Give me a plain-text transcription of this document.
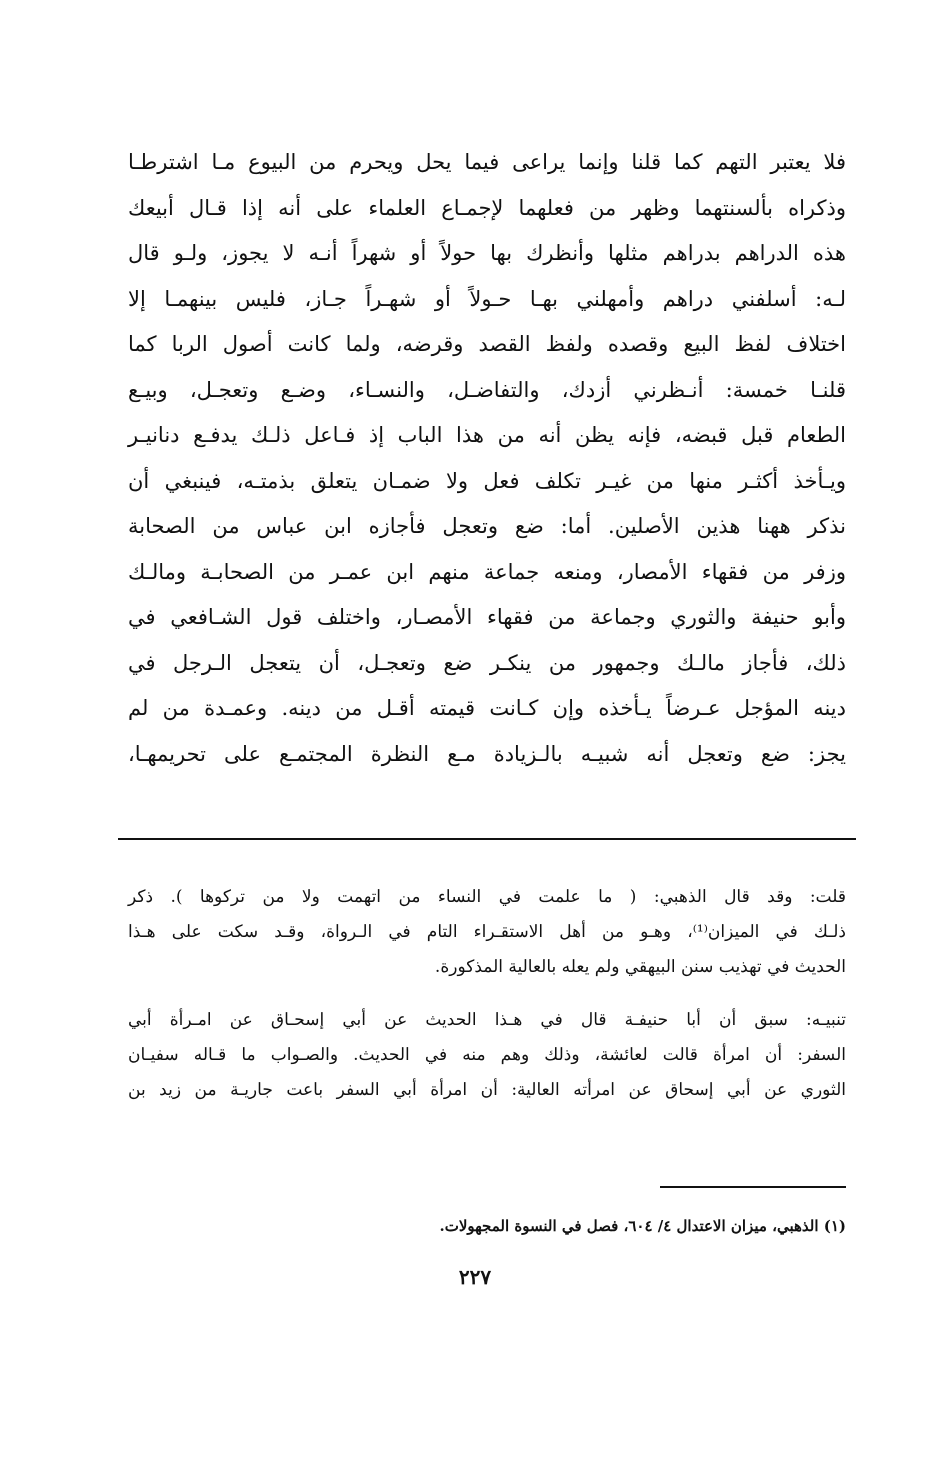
فلا يعتبر التهم كما قلنا وإنما يراعى فيما يحل ويحرم من البيوع مـا اشترطـا
وذكراه بألسنتهما وظهر من فعلهما لإجمـاع العلماء على أنه إذا قـال أبيعك
هذه الدراهم بدراهم مثلها وأنظرك بها حولاً أو شهراً أنـه لا يجوز، ولـو قال
لـه: أسلفني دراهم وأمهلني بهـا حـولاً أو شهـراً جـاز، فليس بينهمـا إلا
اختلاف لفظ البيع وقصده ولفظ القصد وقرضه، ولما كانت أصول الربا كما
قلنـا خمسة: أنـظرني أزدك، والتفاضـل، والنسـاء، وضـع وتعجـل، وبيـع
الطعام قبل قبضه، فإنه يظن أنه من هذا الباب إذ فـاعل ذلـك يدفـع دنانيـر
ويـأخذ أكثـر منها من غيـر تكلف فعل ولا ضمـان يتعلق بذمتـه، فينبغي أن
نذكر ههنا هذين الأصلين. أما: ضع وتعجل فأجازه ابن عباس من الصحابة
وزفر من فقهاء الأمصار، ومنعه جماعة منهم ابن عمـر من الصحابـة ومالـك
وأبو حنيفة والثوري وجماعة من فقهاء الأمصـار، واختلف قول الشـافعي في
ذلك، فأجاز مالـك وجمهور من ينكـر ضع وتعجـل، أن يتعجل الـرجل في
دينه المؤجل عـرضاً يـأخذه وإن كـانت قيمته أقـل من دينه. وعمـدة من لم
يجز: ضع وتعجل أنه شبيـه بالـزيادة مـع النظرة المجتمـع على تحريمهـا،
قلت: وقد قال الذهبي: ( ما علمت في النساء من اتهمت ولا من تركوها ). ذكر
ذلـك في الميزان⁽¹⁾، وهـو من أهل الاستقـراء التام في الـرواة، وقـد سكت على هـذا
الحديث في تهذيب سنن البيهقي ولم يعله بالعالية المذكورة.
تنبيـه: سبق أن أبا حنيفـة قال في هـذا الحديث عن أبي إسحـاق عن امـرأة أبي
السفر: أن امرأة قالت لعائشة، وذلك وهم منه في الحديث. والصـواب ما قـاله سفيـان
الثوري عن أبي إسحاق عن امرأته العالية: أن امرأة أبي السفر باعت جاريـة من زيد بن
(١) الذهبي، ميزان الاعتدال ٤/ ٦٠٤، فصل في النسوة المجهولات.
٢٢٧
